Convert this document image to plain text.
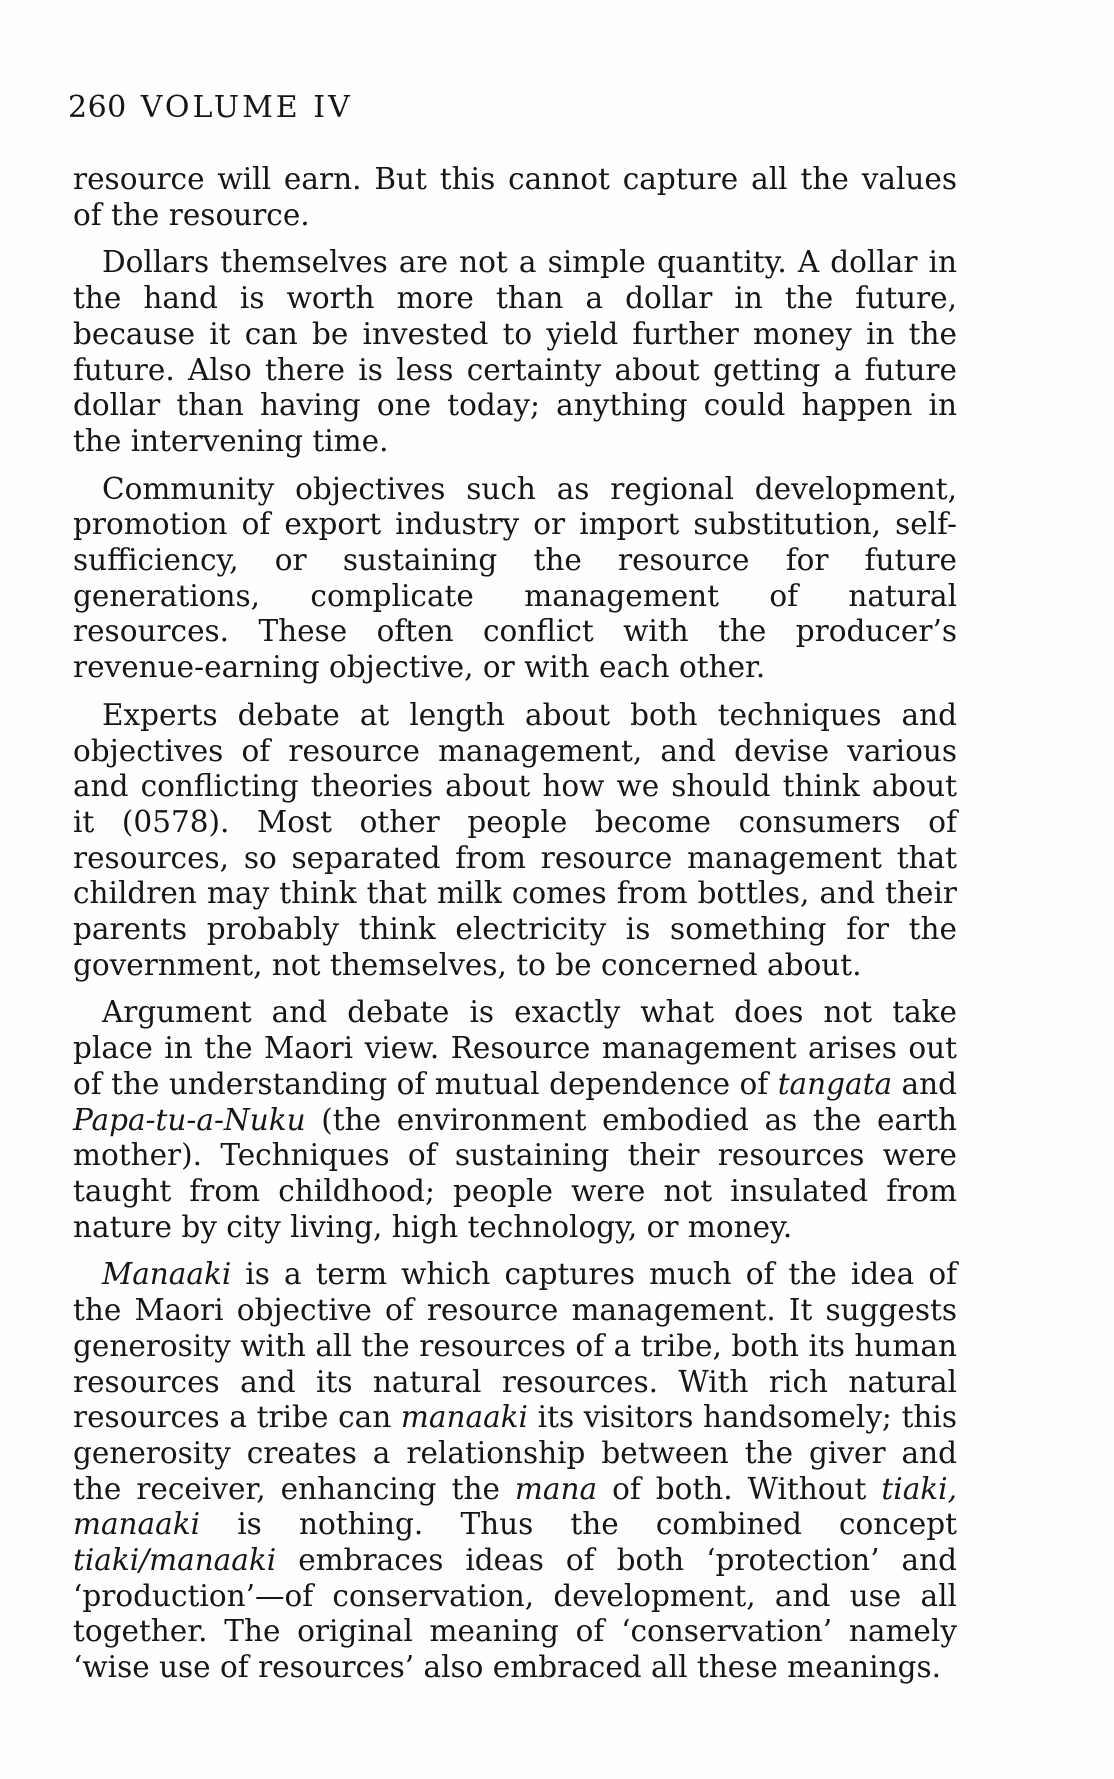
260 VOLUME IV

resource will earn. But this cannot capture all the values of the resource.

Dollars themselves are not a simple quantity. A dollar in the hand is worth more than a dollar in the future, because it can be invested to yield further money in the future. Also there is less certainty about getting a future dollar than having one today; anything could happen in the intervening time.

Community objectives such as regional development, promotion of export industry or import substitution, self-sufficiency, or sustaining the resource for future generations, complicate management of natural resources. These often conflict with the producer’s revenue-earning objective, or with each other.

Experts debate at length about both techniques and objectives of resource management, and devise various and conflicting theories about how we should think about it (0578). Most other people become consumers of resources, so separated from resource management that children may think that milk comes from bottles, and their parents probably think electricity is something for the government, not themselves, to be concerned about.

Argument and debate is exactly what does not take place in the Maori view. Resource management arises out of the understanding of mutual dependence of tangata and Papa-tu-a-Nuku (the environment embodied as the earth mother). Techniques of sustaining their resources were taught from childhood; people were not insulated from nature by city living, high technology, or money.

Manaaki is a term which captures much of the idea of the Maori objective of resource management. It suggests generosity with all the resources of a tribe, both its human resources and its natural resources. With rich natural resources a tribe can manaaki its visitors handsomely; this generosity creates a relationship between the giver and the receiver, enhancing the mana of both. Without tiaki, manaaki is nothing. Thus the combined concept tiaki/manaaki embraces ideas of both ‘protection’ and ‘production’—of conservation, development, and use all together. The original meaning of ‘conservation’ namely ‘wise use of resources’ also embraced all these meanings.
